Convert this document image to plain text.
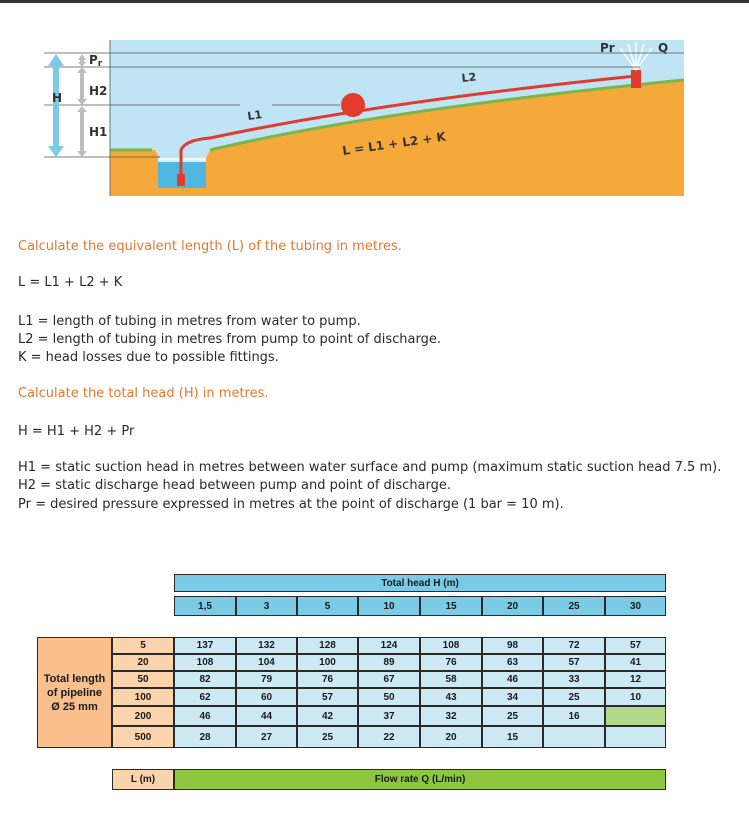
Pr
H2
H1
H
L1
L2
Pr	Q
L = L1 + L2 + K
Calculate the equivalent length (L) of the tubing in metres.
L = L1 + L2 + K
L1 = length of tubing in metres from water to pump.
L2 = length of tubing in metres from pump to point of discharge.
K = head losses due to possible fittings.
Calculate the total head (H) in metres.
H = H1 + H2 + Pr
H1 = static suction head in metres between water surface and pump (maximum static suction head 7.5 m).
H2 = static discharge head between pump and point of discharge.
Pr = desired pressure expressed in metres at the point of discharge (1 bar = 10 m).
Total head H (m)
1,5	3	5	10	15	20	25	30
Total length
of pipeline
Ø 25 mm
5	137	132	128	124	108	98	72	57
20	108	104	100	89	76	63	57	41
50	82	79	76	67	58	46	33	12
100	62	60	57	50	43	34	25	10
200	46	44	42	37	32	25	16
500	28	27	25	22	20	15
L (m)	Flow rate Q (L/min)
